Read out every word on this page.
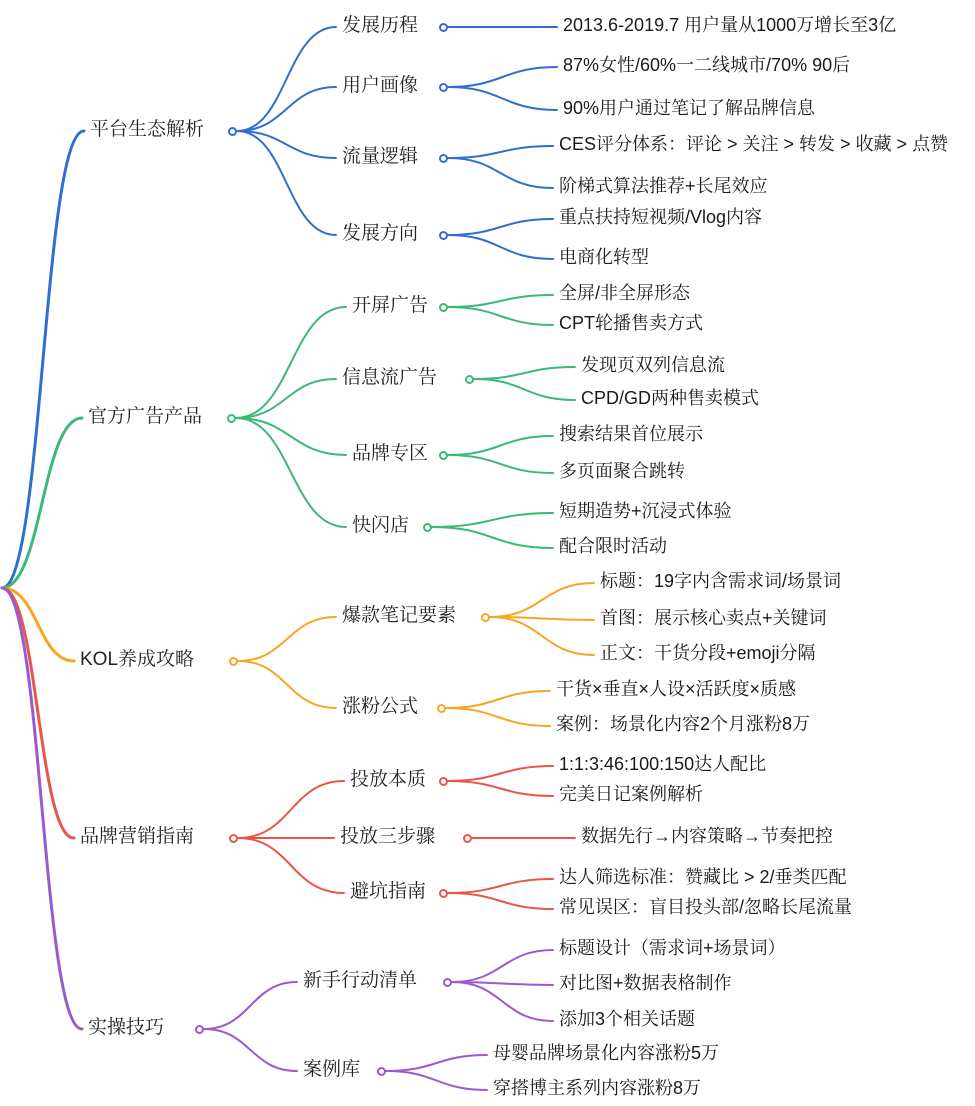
平台生态解析
发展历程	2013.6-2019.7 用户量从1000万增长至3亿
用户画像
87%女性/60%一二线城市/70% 90后
90%用户通过笔记了解品牌信息
流量逻辑
CES评分体系：评论 > 关注 > 转发 > 收藏 > 点赞
阶梯式算法推荐+长尾效应
发展方向
重点扶持短视频/Vlog内容
电商化转型
官方广告产品
开屏广告
全屏/非全屏形态
CPT轮播售卖方式
信息流广告
发现页双列信息流
CPD/GD两种售卖模式
品牌专区
搜索结果首位展示
多页面聚合跳转
快闪店
短期造势+沉浸式体验
配合限时活动
KOL养成攻略
爆款笔记要素
标题：19字内含需求词/场景词
首图：展示核心卖点+关键词
正文：干货分段+emoji分隔
涨粉公式
干货×垂直×人设×活跃度×质感
案例：场景化内容2个月涨粉8万
品牌营销指南
投放本质
1:1:3:46:100:150达人配比
完美日记案例解析
投放三步骤	数据先行→内容策略→节奏把控
避坑指南
达人筛选标准：赞藏比 > 2/垂类匹配
常见误区：盲目投头部/忽略长尾流量
实操技巧
新手行动清单
标题设计（需求词+场景词）
对比图+数据表格制作
添加3个相关话题
案例库
母婴品牌场景化内容涨粉5万
穿搭博主系列内容涨粉8万
